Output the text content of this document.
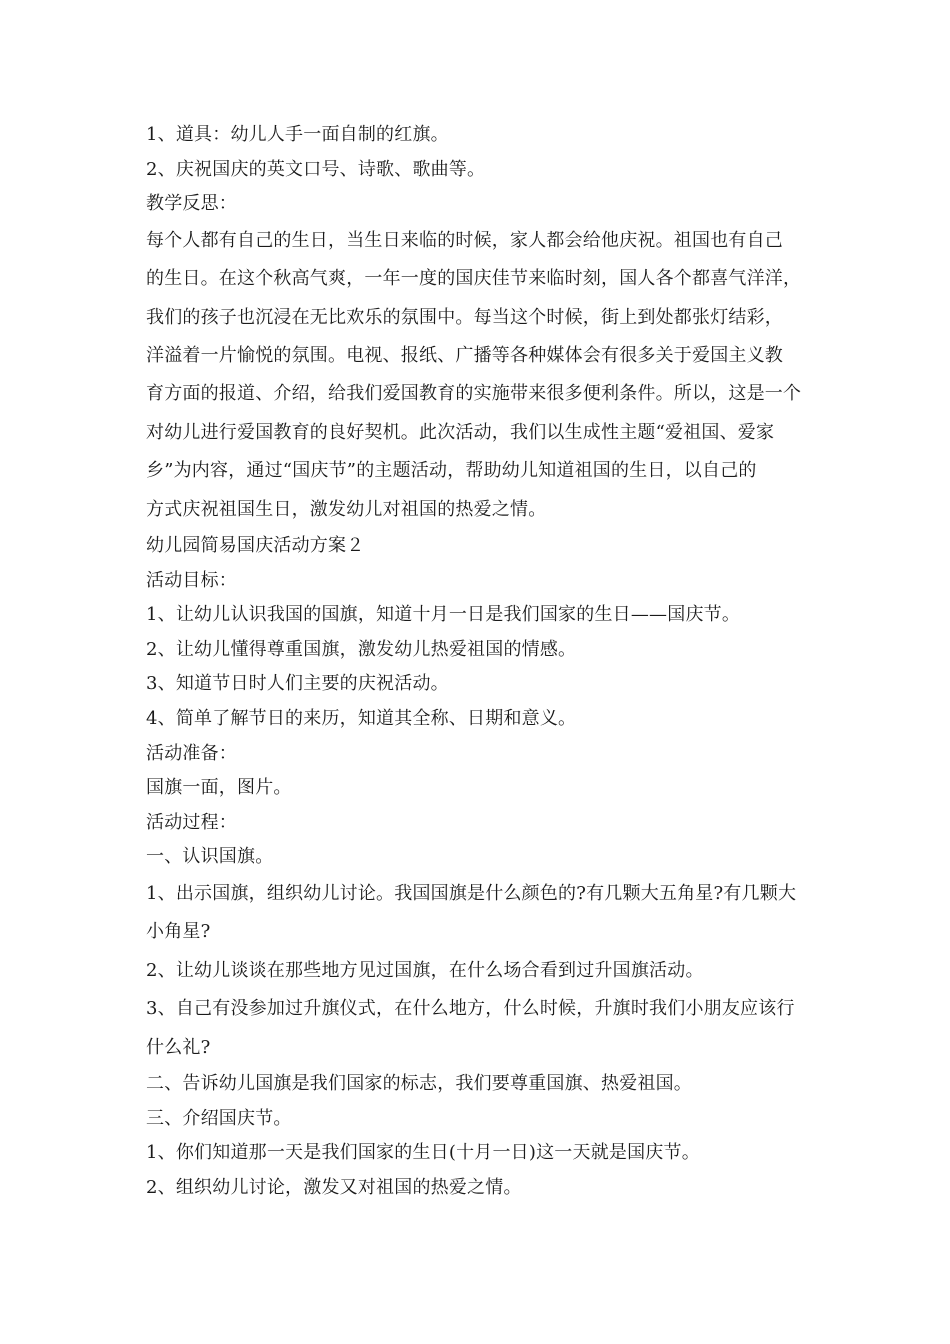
1、道具：幼儿人手一面自制的红旗。
2、庆祝国庆的英文口号、诗歌、歌曲等。
教学反思：
每个人都有自己的生日，当生日来临的时候，家人都会给他庆祝。祖国也有自己
的生日。在这个秋高气爽，一年一度的国庆佳节来临时刻，国人各个都喜气洋洋，
我们的孩子也沉浸在无比欢乐的氛围中。每当这个时候，街上到处都张灯结彩，
洋溢着一片愉悦的氛围。电视、报纸、广播等各种媒体会有很多关于爱国主义教
育方面的报道、介绍，给我们爱国教育的实施带来很多便利条件。所以，这是一个
对幼儿进行爱国教育的良好契机。此次活动，我们以生成性主题“爱祖国、爱家
乡”为内容，通过“国庆节”的主题活动，帮助幼儿知道祖国的生日，以自己的
方式庆祝祖国生日，激发幼儿对祖国的热爱之情。
幼儿园简易国庆活动方案２
活动目标：
1、让幼儿认识我国的国旗，知道十月一日是我们国家的生日——国庆节。
2、让幼儿懂得尊重国旗，激发幼儿热爱祖国的情感。
3、知道节日时人们主要的庆祝活动。
4、简单了解节日的来历，知道其全称、日期和意义。
活动准备：
国旗一面，图片。
活动过程：
一、认识国旗。
1、出示国旗，组织幼儿讨论。我国国旗是什么颜色的?有几颗大五角星?有几颗大
小角星?
2、让幼儿谈谈在那些地方见过国旗，在什么场合看到过升国旗活动。
3、自己有没参加过升旗仪式，在什么地方，什么时候，升旗时我们小朋友应该行
什么礼?
二、告诉幼儿国旗是我们国家的标志，我们要尊重国旗、热爱祖国。
三、介绍国庆节。
1、你们知道那一天是我们国家的生日(十月一日)这一天就是国庆节。
2、组织幼儿讨论，激发又对祖国的热爱之情。
